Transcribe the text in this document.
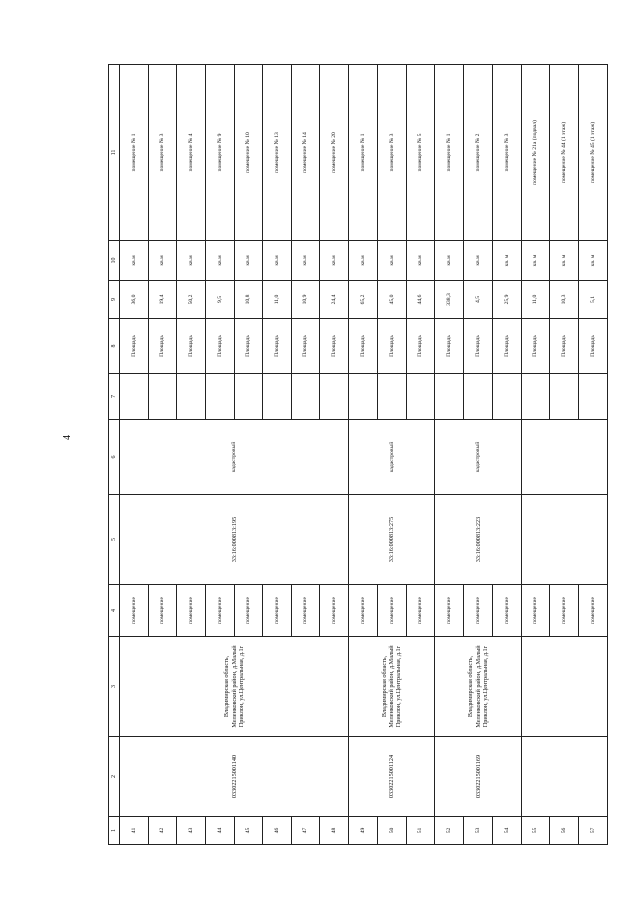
4
1	2	3	4	5	6	7	8	9	10	11
41	03302215001140	Владимирская область, Меленковский район, д.Малый Приклон, ул.Центральная, д.1г	помещение	33:16:000813:195	кадастровый		Площадь	36,0	кв.м	помещение № 1
42			помещение				Площадь	19,4	кв.м	помещение № 3
43			помещение				Площадь	50,2	кв.м	помещение № 4
44			помещение				Площадь	9,5	кв.м	помещение № 9
45			помещение				Площадь	10,8	кв.м	помещение № 10
46			помещение				Площадь	11,0	кв.м	помещение № 13
47			помещение				Площадь	10,9	кв.м	помещение № 14
48			помещение				Площадь	24,4	кв.м	помещение № 20
49	03302215001124	Владимирская область, Меленковский район, д.Малый Приклон, ул.Центральная, д.1г	помещение	33:16:000813:275	кадастровый		Площадь	65,2	кв.м	помещение № 1
50			помещение				Площадь	45,0	кв.м	помещение № 3
51			помещение				Площадь	44,6	кв.м	помещение № 5
52	03302215001169	Владимирская область, Меленковский район, д.Малый Приклон, ул.Центральная, д.1г	помещение	33:16:000813:223	кадастровый		Площадь	338,3	кв.м	помещение № 1
53			помещение				Площадь	4,5	кв.м	помещение № 2
54			помещение				Площадь	25,9	кв. м	помещение № 3
55			помещение				Площадь	11,0	кв. м	помещение № 21а (подвал)
56			помещение				Площадь	10,3	кв. м	помещение № 44 (1 этаж)
57			помещение				Площадь	5,1	кв. м	помещение № 45 (1 этаж)
